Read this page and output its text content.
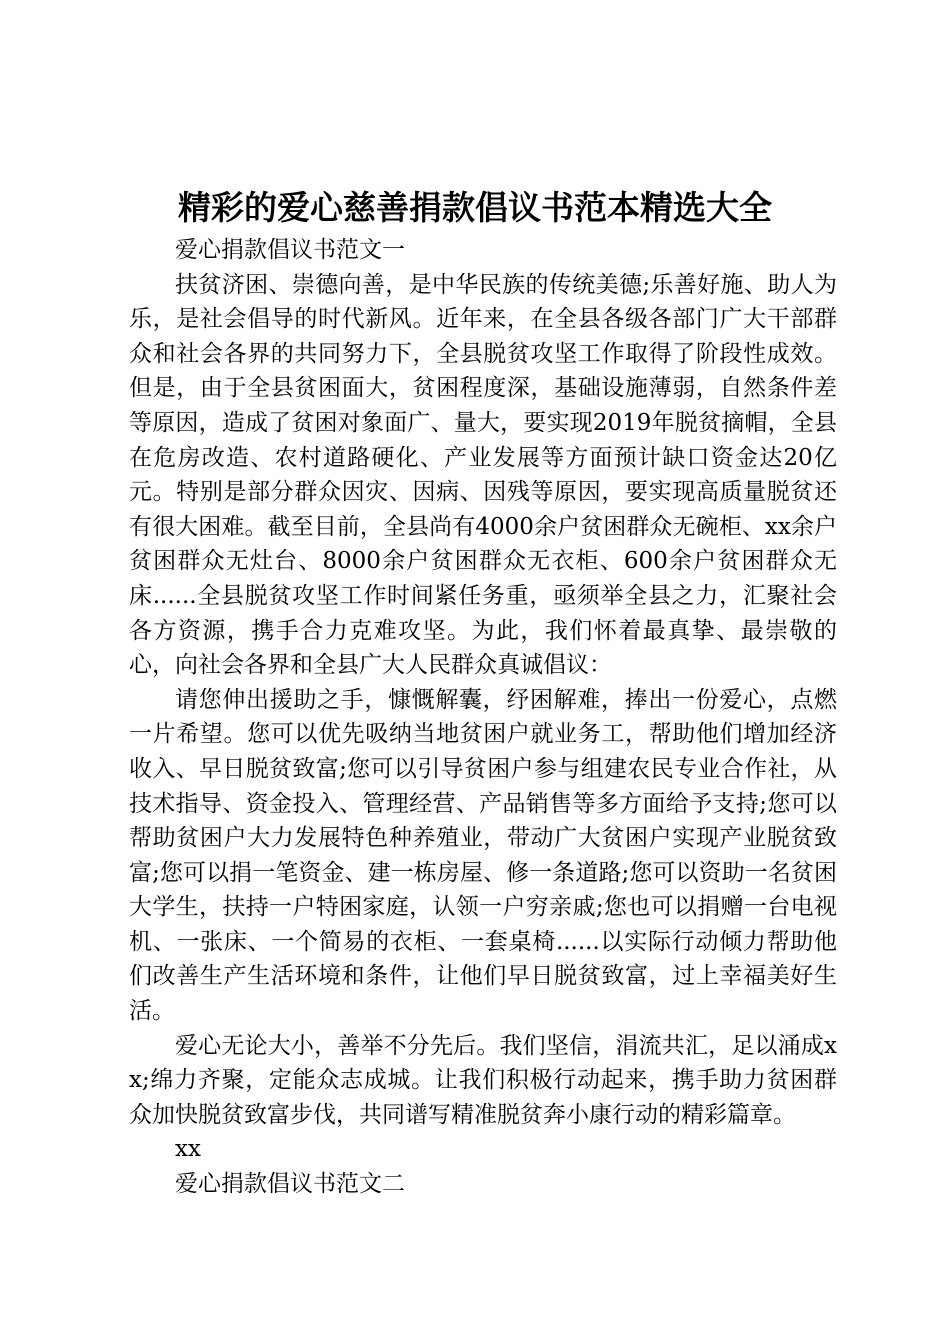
精彩的爱心慈善捐款倡议书范本精选大全

爱心捐款倡议书范文一

扶贫济困、崇德向善，是中华民族的传统美德;乐善好施、助人为乐，是社会倡导的时代新风。近年来，在全县各级各部门广大干部群众和社会各界的共同努力下，全县脱贫攻坚工作取得了阶段性成效。但是，由于全县贫困面大，贫困程度深，基础设施薄弱，自然条件差等原因，造成了贫困对象面广、量大，要实现2019年脱贫摘帽，全县在危房改造、农村道路硬化、产业发展等方面预计缺口资金达20亿元。特别是部分群众因灾、因病、因残等原因，要实现高质量脱贫还有很大困难。截至目前，全县尚有4000余户贫困群众无碗柜、xx余户贫困群众无灶台、8000余户贫困群众无衣柜、600余户贫困群众无床......全县脱贫攻坚工作时间紧任务重，亟须举全县之力，汇聚社会各方资源，携手合力克难攻坚。为此，我们怀着最真挚、最崇敬的心，向社会各界和全县广大人民群众真诚倡议：

请您伸出援助之手，慷慨解囊，纾困解难，捧出一份爱心，点燃一片希望。您可以优先吸纳当地贫困户就业务工，帮助他们增加经济收入、早日脱贫致富;您可以引导贫困户参与组建农民专业合作社，从技术指导、资金投入、管理经营、产品销售等多方面给予支持;您可以帮助贫困户大力发展特色种养殖业，带动广大贫困户实现产业脱贫致富;您可以捐一笔资金、建一栋房屋、修一条道路;您可以资助一名贫困大学生，扶持一户特困家庭，认领一户穷亲戚;您也可以捐赠一台电视机、一张床、一个简易的衣柜、一套桌椅......以实际行动倾力帮助他们改善生产生活环境和条件，让他们早日脱贫致富，过上幸福美好生活。

爱心无论大小，善举不分先后。我们坚信，涓流共汇，足以涌成xx;绵力齐聚，定能众志成城。让我们积极行动起来，携手助力贫困群众加快脱贫致富步伐，共同谱写精准脱贫奔小康行动的精彩篇章。

xx

爱心捐款倡议书范文二
